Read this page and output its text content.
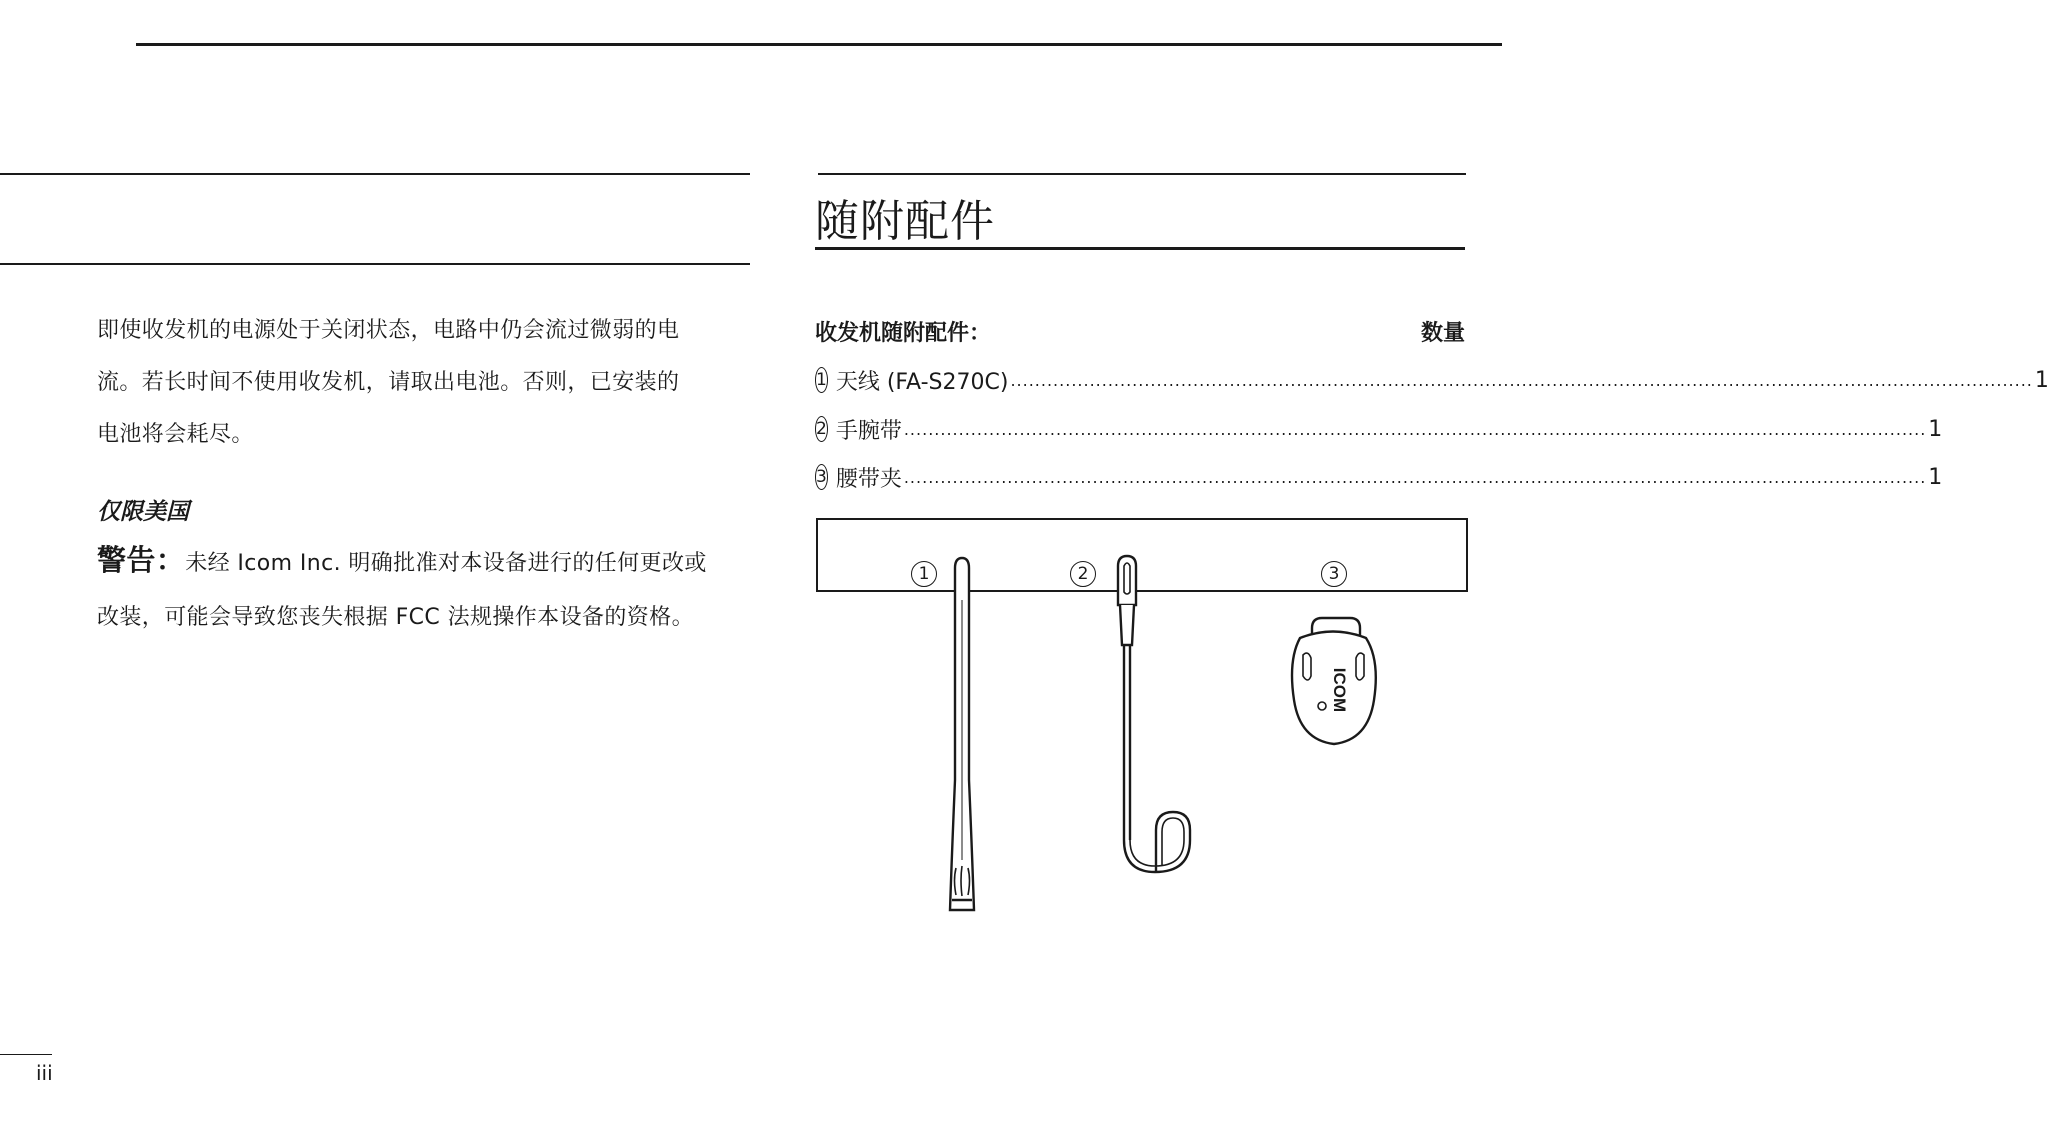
即使收发机的电源处于关闭状态，电路中仍会流过微弱的电
流。若长时间不使用收发机，请取出电池。否则，已安装的
电池将会耗尽。
仅限美国
警告：未经 Icom Inc. 明确批准对本设备进行的任何更改或
改装，可能会导致您丧失根据 FCC 法规操作本设备的资格。
随附配件
收发机随附配件：	数量
1 天线 (FA-S270C) ........................................................................................................................................................................ 1
2 手腕带 ........................................................................................................................................................................ 1
3 腰带夹 ........................................................................................................................................................................ 1
ICOM
1	2	3
iii
